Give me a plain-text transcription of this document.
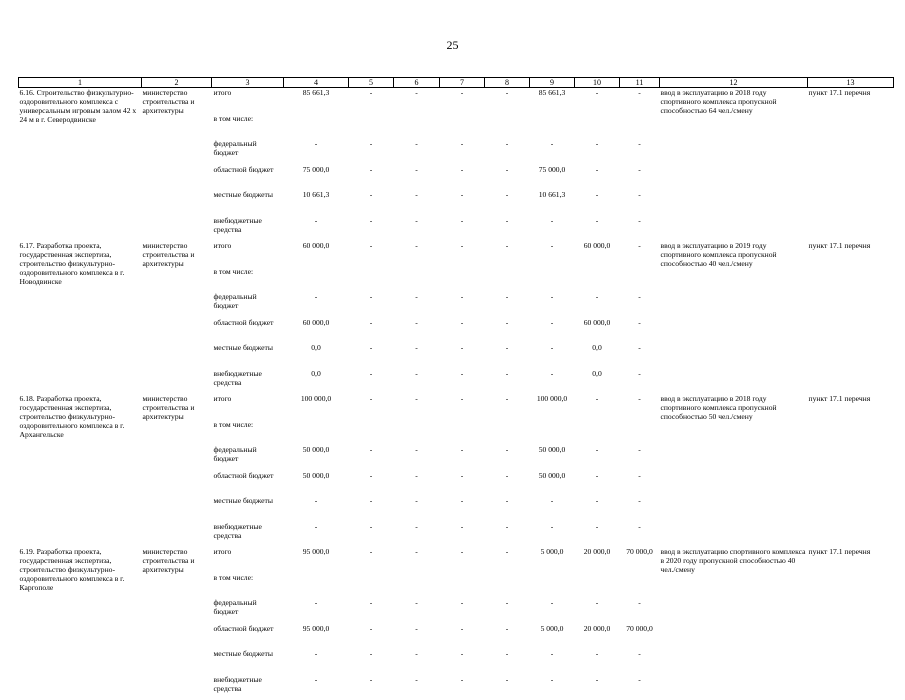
25
1	2	3	4	5	6	7	8	9	10	11	12	13
6.16. Строительство физкультурно-оздоровительного комплекса с универсальным игровым залом 42 х 24 м в г. Северодвинске	министерство строительства и архитектуры	итого	85 661,3	-	-	-	-	85 661,3	-	-	ввод в эксплуатацию в 2018 году спортивного комплекса пропускной способностью 64 чел./смену	пункт 17.1 перечня
		в том числе:										
		федеральный бюджет	-	-	-	-	-	-	-	-		
		областной бюджет	75 000,0	-	-	-	-	75 000,0	-	-		
		местные бюджеты	10 661,3	-	-	-	-	10 661,3	-	-		
		внебюджетные средства	-	-	-	-	-	-	-	-		
6.17. Разработка проекта, государственная экспертиза, строительство физкультурно-оздоровительного комплекса в г. Новодвинске	министерство строительства и архитектуры	итого	60 000,0	-	-	-	-	-	60 000,0	-	ввод в эксплуатацию в 2019 году спортивного комплекса пропускной способностью 40 чел./смену	пункт 17.1 перечня
		в том числе:										
		федеральный бюджет	-	-	-	-	-	-	-	-		
		областной бюджет	60 000,0	-	-	-	-	-	60 000,0	-		
		местные бюджеты	0,0	-	-	-	-	-	0,0	-		
		внебюджетные средства	0,0	-	-	-	-	-	0,0	-		
6.18. Разработка проекта, государственная экспертиза, строительство физкультурно-оздоровительного комплекса в г. Архангельске	министерство строительства и архитектуры	итого	100 000,0	-	-	-	-	100 000,0	-	-	ввод в эксплуатацию в 2018 году спортивного комплекса пропускной способностью 50 чел./смену	пункт 17.1 перечня
		в том числе:										
		федеральный бюджет	50 000,0	-	-	-	-	50 000,0	-	-		
		областной бюджет	50 000,0	-	-	-	-	50 000,0	-	-		
		местные бюджеты	-	-	-	-	-	-	-	-		
		внебюджетные средства	-	-	-	-	-	-	-	-		
6.19. Разработка проекта, государственная экспертиза, строительство физкультурно-оздоровительного комплекса в г. Каргополе	министерство строительства и архитектуры	итого	95 000,0	-	-	-	-	5 000,0	20 000,0	70 000,0	ввод в эксплуатацию спортивного комплекса в 2020 году пропускной способностью 40 чел./смену	пункт 17.1 перечня
		в том числе:										
		федеральный бюджет	-	-	-	-	-	-	-	-		
		областной бюджет	95 000,0	-	-	-	-	5 000,0	20 000,0	70 000,0		
		местные бюджеты	-	-	-	-	-	-	-	-		
		внебюджетные средства	-	-	-	-	-	-	-	-		
